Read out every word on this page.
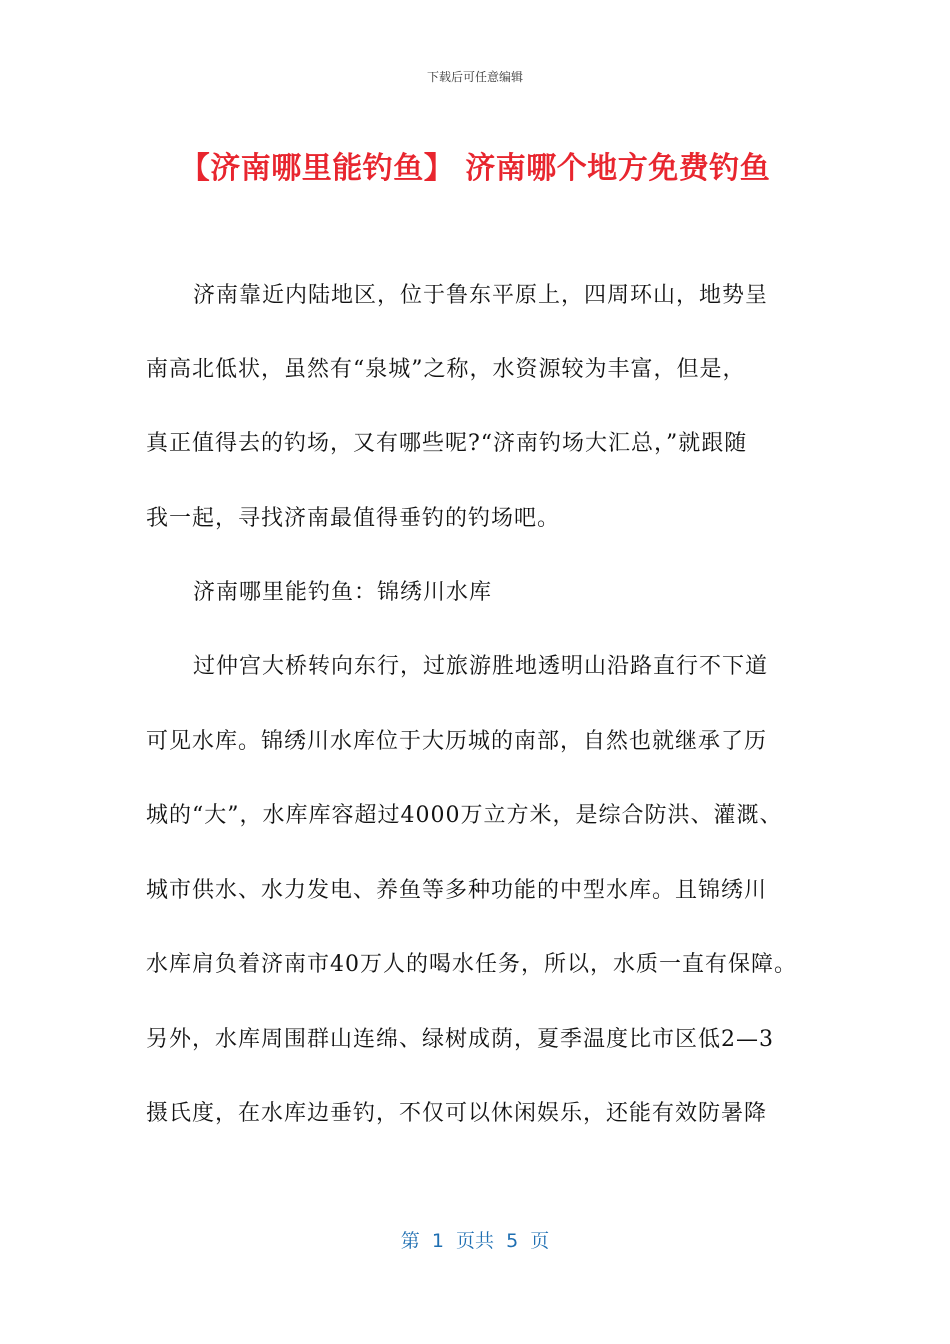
下载后可任意编辑
【济南哪里能钓鱼】 济南哪个地方免费钓鱼
济南靠近内陆地区，位于鲁东平原上，四周环山，地势呈
南高北低状，虽然有“泉城”之称，水资源较为丰富，但是，
真正值得去的钓场，又有哪些呢?“济南钓场大汇总，”就跟随
我一起，寻找济南最值得垂钓的钓场吧。
济南哪里能钓鱼：锦绣川水库
过仲宫大桥转向东行，过旅游胜地透明山沿路直行不下道
可见水库。锦绣川水库位于大历城的南部，自然也就继承了历
城的“大”，水库库容超过4000万立方米，是综合防洪、灌溉、
城市供水、水力发电、养鱼等多种功能的中型水库。且锦绣川
水库肩负着济南市40万人的喝水任务，所以，水质一直有保障。
另外，水库周围群山连绵、绿树成荫，夏季温度比市区低2—3
摄氏度，在水库边垂钓，不仅可以休闲娱乐，还能有效防暑降
第  1  页共  5  页
